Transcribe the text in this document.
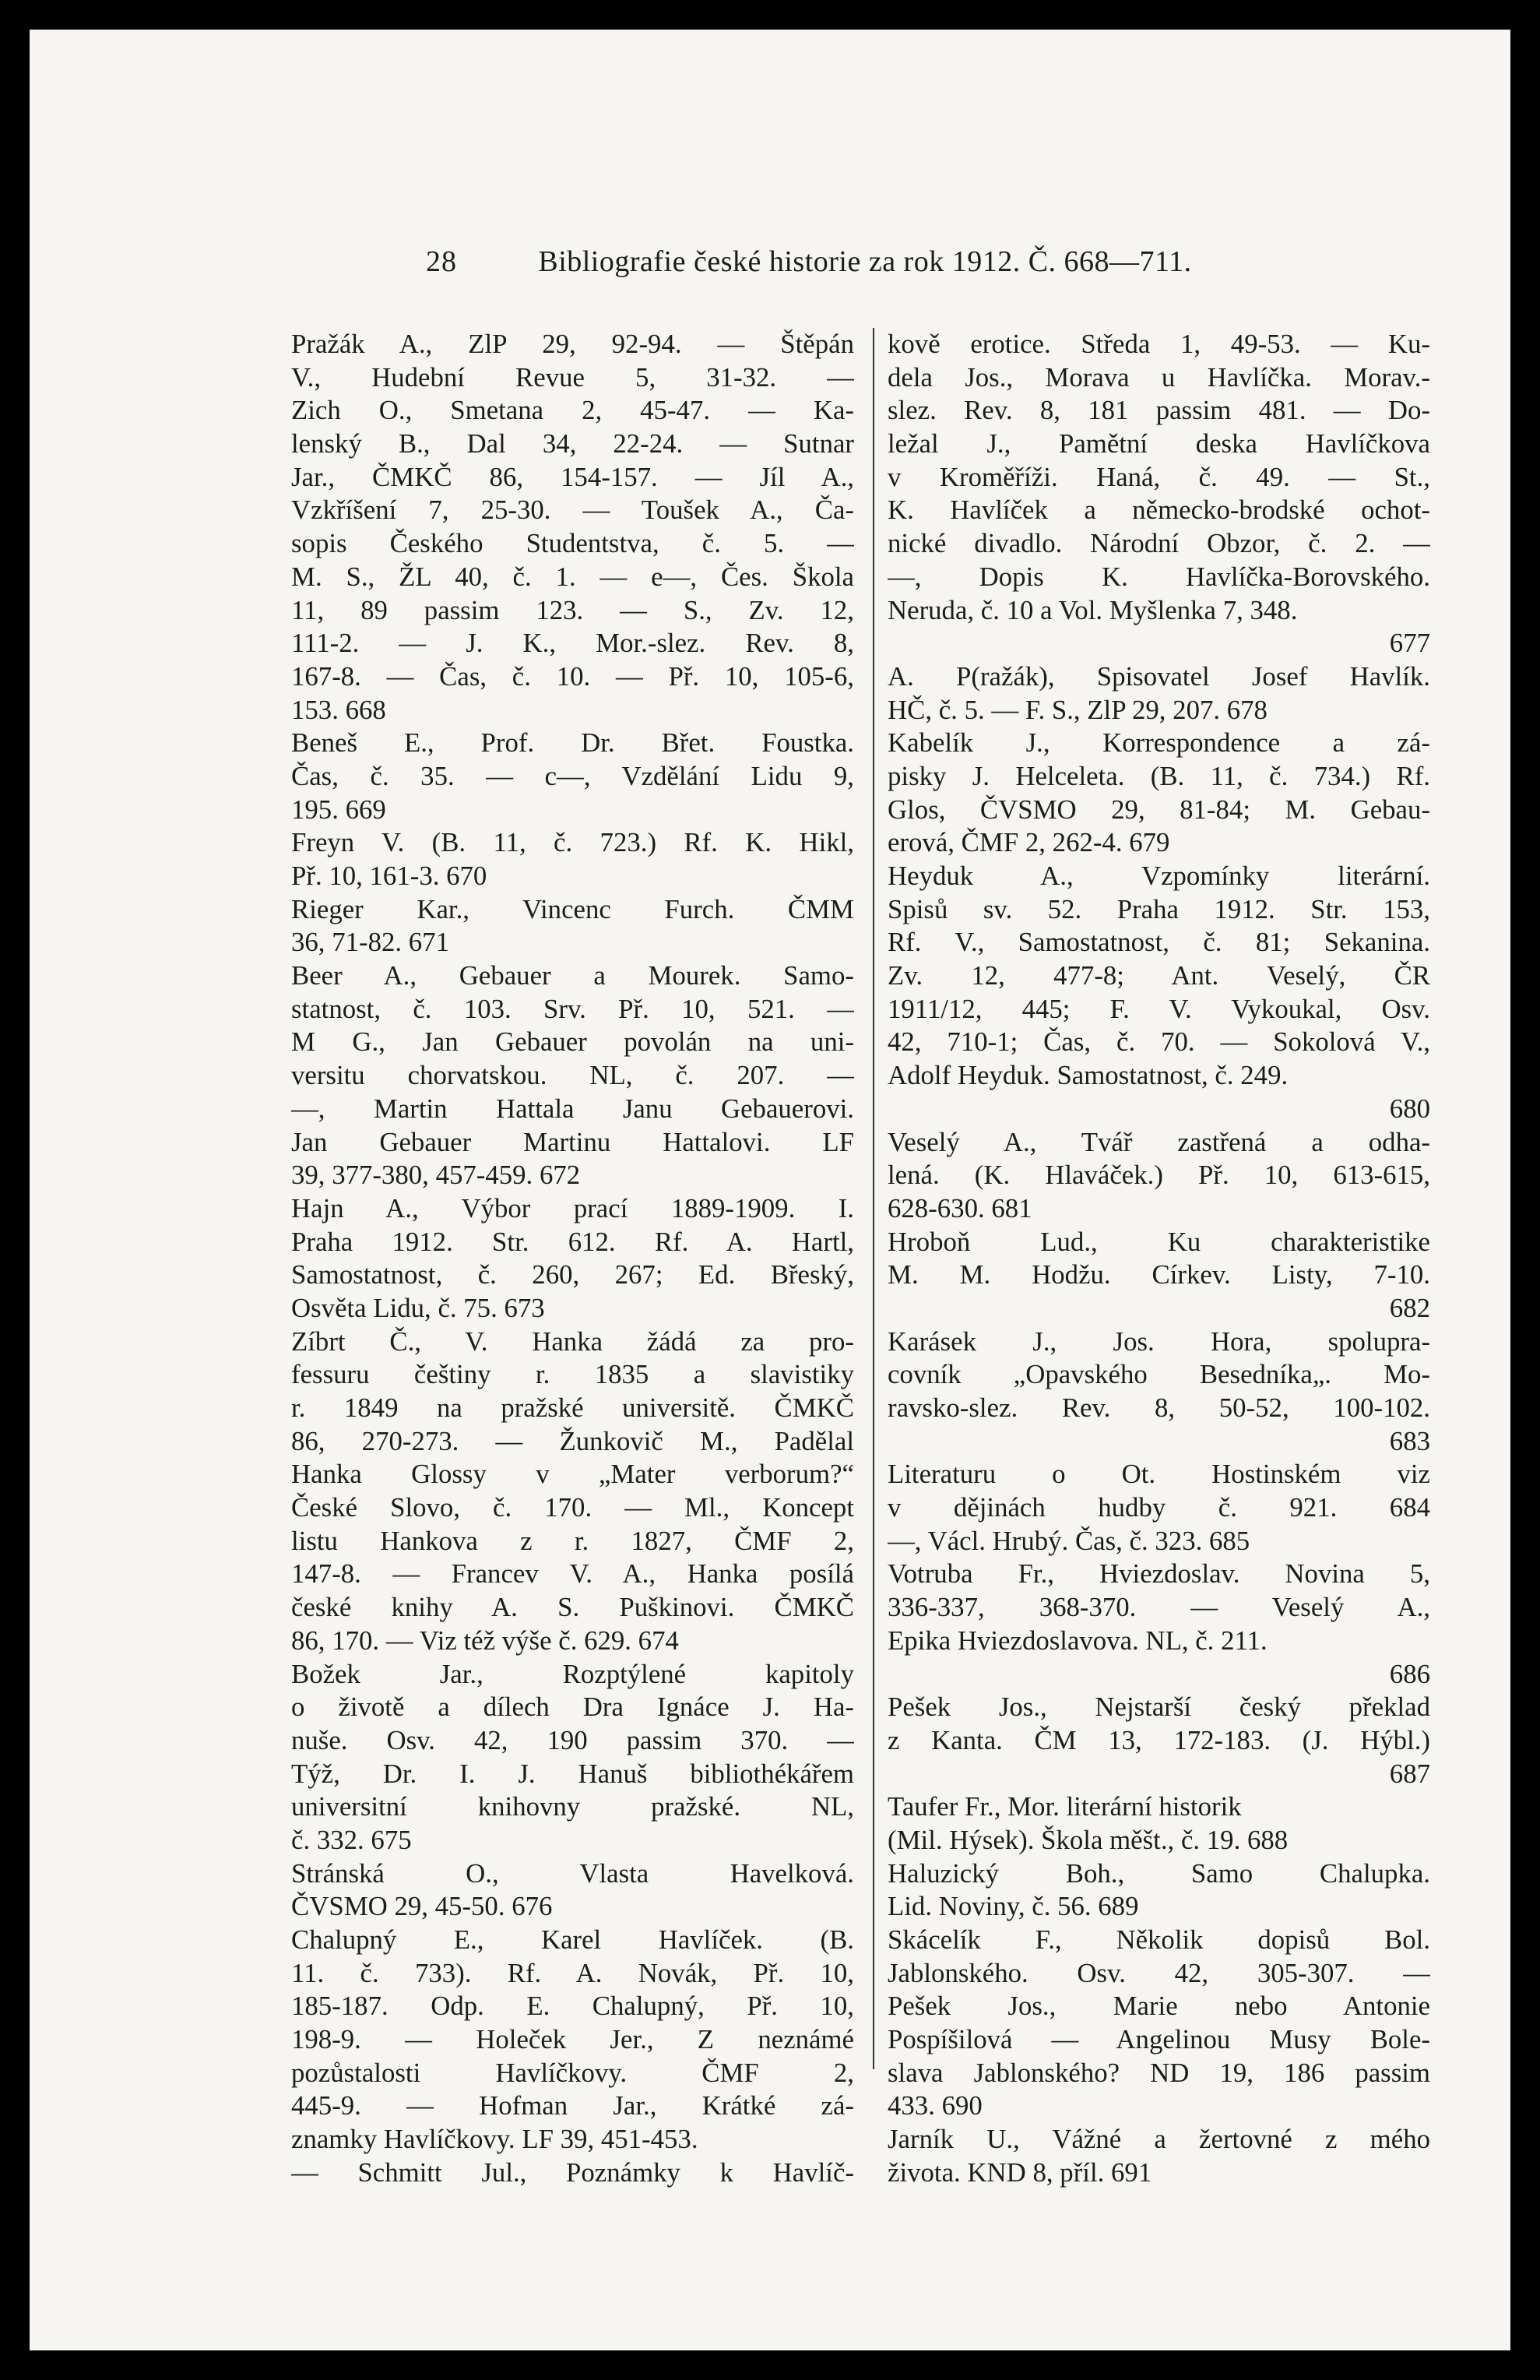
28	Bibliografie české historie za rok 1912. Č. 668—711.
Pražák A., ZlP 29, 92-94. — Štěpán
V., Hudební Revue 5, 31-32. —
Zich O., Smetana 2, 45-47. — Ka-
lenský B., Dal 34, 22-24. — Sutnar
Jar., ČMKČ 86, 154-157. — Jíl A.,
Vzkříšení 7, 25-30. — Toušek A., Ča-
sopis Českého Studentstva, č. 5. —
M. S., ŽL 40, č. 1. — e—, Čes. Škola
11, 89 passim 123. — S., Zv. 12,
111-2. — J. K., Mor.-slez. Rev. 8,
167-8. — Čas, č. 10. — Př. 10, 105-6,
153. 668
Beneš E., Prof. Dr. Břet. Foustka.
Čas, č. 35. — c—, Vzdělání Lidu 9,
195. 669
Freyn V. (B. 11, č. 723.) Rf. K. Hikl,
Př. 10, 161-3. 670
Rieger Kar., Vincenc Furch. ČMM
36, 71-82. 671
Beer A., Gebauer a Mourek. Samo-
statnost, č. 103. Srv. Př. 10, 521. —
M G., Jan Gebauer povolán na uni-
versitu chorvatskou. NL, č. 207. —
—, Martin Hattala Janu Gebauerovi.
Jan Gebauer Martinu Hattalovi. LF
39, 377-380, 457-459. 672
Hajn A., Výbor prací 1889-1909. I.
Praha 1912. Str. 612. Rf. A. Hartl,
Samostatnost, č. 260, 267; Ed. Břeský,
Osvěta Lidu, č. 75. 673
Zíbrt Č., V. Hanka žádá za pro-
fessuru češtiny r. 1835 a slavistiky
r. 1849 na pražské universitě. ČMKČ
86, 270-273. — Žunkovič M., Padělal
Hanka Glossy v „Mater verborum?“
České Slovo, č. 170. — Ml., Koncept
listu Hankova z r. 1827, ČMF 2,
147-8. — Francev V. A., Hanka posílá
české knihy A. S. Puškinovi. ČMKČ
86, 170. — Viz též výše č. 629. 674
Božek Jar., Rozptýlené kapitoly
o životě a dílech Dra Ignáce J. Ha-
nuše. Osv. 42, 190 passim 370. —
Týž, Dr. I. J. Hanuš bibliothékářem
universitní knihovny pražské. NL,
č. 332. 675
Stránská O., Vlasta Havelková.
ČVSMO 29, 45-50. 676
Chalupný E., Karel Havlíček. (B.
11. č. 733). Rf. A. Novák, Př. 10,
185-187. Odp. E. Chalupný, Př. 10,
198-9. — Holeček Jer., Z neznámé
pozůstalosti Havlíčkovy. ČMF 2,
445-9. — Hofman Jar., Krátké zá-
znamky Havlíčkovy. LF 39, 451-453.
— Schmitt Jul., Poznámky k Havlíč-
kově erotice. Středa 1, 49-53. — Ku-
dela Jos., Morava u Havlíčka. Morav.-
slez. Rev. 8, 181 passim 481. — Do-
ležal J., Pamětní deska Havlíčkova
v Kroměříži. Haná, č. 49. — St.,
K. Havlíček a německo-brodské ochot-
nické divadlo. Národní Obzor, č. 2. —
—, Dopis K. Havlíčka-Borovského.
Neruda, č. 10 a Vol. Myšlenka 7, 348.
677
A. P(ražák), Spisovatel Josef Havlík.
HČ, č. 5. — F. S., ZlP 29, 207. 678
Kabelík J., Korrespondence a zá-
pisky J. Helceleta. (B. 11, č. 734.) Rf.
Glos, ČVSMO 29, 81-84; M. Gebau-
erová, ČMF 2, 262-4. 679
Heyduk A., Vzpomínky literární.
Spisů sv. 52. Praha 1912. Str. 153,
Rf. V., Samostatnost, č. 81; Sekanina.
Zv. 12, 477-8; Ant. Veselý, ČR
1911/12, 445; F. V. Vykoukal, Osv.
42, 710-1; Čas, č. 70. — Sokolová V.,
Adolf Heyduk. Samostatnost, č. 249.
680
Veselý A., Tvář zastřená a odha-
lená. (K. Hlaváček.) Př. 10, 613-615,
628-630. 681
Hroboň Lud., Ku charakteristike
M. M. Hodžu. Církev. Listy, 7-10.
682
Karásek J., Jos. Hora, spolupra-
covník „Opavského Besedníka„. Mo-
ravsko-slez. Rev. 8, 50-52, 100-102.
683
Literaturu o Ot. Hostinském viz
v dějinách hudby č. 921. 684
—, Václ. Hrubý. Čas, č. 323. 685
Votruba Fr., Hviezdoslav. Novina 5,
336-337, 368-370. — Veselý A.,
Epika Hviezdoslavova. NL, č. 211.
686
Pešek Jos., Nejstarší český překlad
z Kanta. ČM 13, 172-183. (J. Hýbl.)
687
Taufer Fr., Mor. literární historik
(Mil. Hýsek). Škola měšt., č. 19. 688
Haluzický Boh., Samo Chalupka.
Lid. Noviny, č. 56. 689
Skácelík F., Několik dopisů Bol.
Jablonského. Osv. 42, 305-307. —
Pešek Jos., Marie nebo Antonie
Pospíšilová — Angelinou Musy Bole-
slava Jablonského? ND 19, 186 passim
433. 690
Jarník U., Vážné a žertovné z mého
života. KND 8, příl. 691
